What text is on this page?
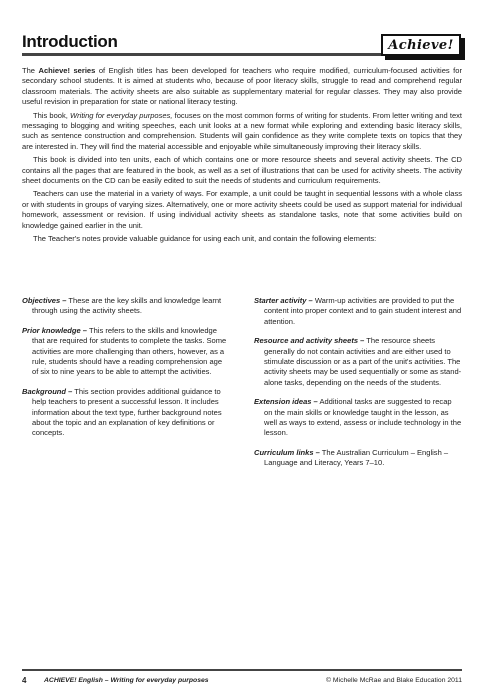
Introduction	Achieve!

The Achieve! series of English titles has been developed for teachers who require modified, curriculum-focused activities for secondary school students. It is aimed at students who, because of poor literacy skills, struggle to read and comprehend regular classroom materials. The activity sheets are also suitable as supplementary material for regular classes. They may also provide useful revision in preparation for state or national literacy testing.

This book, Writing for everyday purposes, focuses on the most common forms of writing for students. From letter writing and text messaging to blogging and writing speeches, each unit looks at a new format while exploring and extending basic literacy skills, such as sentence construction and comprehension. Students will gain confidence as they write complete texts on topics that they are interested in. They will find the material accessible and enjoyable while simultaneously improving their literacy skills.

This book is divided into ten units, each of which contains one or more resource sheets and several activity sheets. The CD contains all the pages that are featured in the book, as well as a set of illustrations that can be used for activity sheets. The activity sheet documents on the CD can be easily edited to suit the needs of students and curriculum requirements.

Teachers can use the material in a variety of ways. For example, a unit could be taught in sequential lessons with a whole class or with students in groups of varying sizes. Alternatively, one or more activity sheets could be used as support material for individual homework, assessment or revision. If using individual activity sheets as standalone tasks, note that some activities build on knowledge gained earlier in the unit.

The Teacher's notes provide valuable guidance for using each unit, and contain the following elements:

Objectives – These are the key skills and knowledge learnt through using the activity sheets.
Prior knowledge – This refers to the skills and knowledge that are required for students to complete the tasks. Some activities are more challenging than others, however, as a rule, students should have a reading comprehension age of six to nine years to be able to attempt the activities.
Background – This section provides additional guidance to help teachers to present a successful lesson. It includes information about the text type, further background notes about the topic and an explanation of key definitions or concepts.
Starter activity – Warm-up activities are provided to put the content into proper context and to gain student interest and attention.
Resource and activity sheets – The resource sheets generally do not contain activities and are either used to stimulate discussion or as a part of the unit's activities. The activity sheets may be used sequentially or some as stand-alone tasks, depending on the needs of the students.
Extension ideas – Additional tasks are suggested to recap on the main skills or knowledge taught in the lesson, as well as ways to extend, assess or include technology in the lesson.
Curriculum links – The Australian Curriculum – English – Language and Literacy, Years 7–10.
4	ACHIEVE! English – Writing for everyday purposes	© Michelle McRae and Blake Education 2011
